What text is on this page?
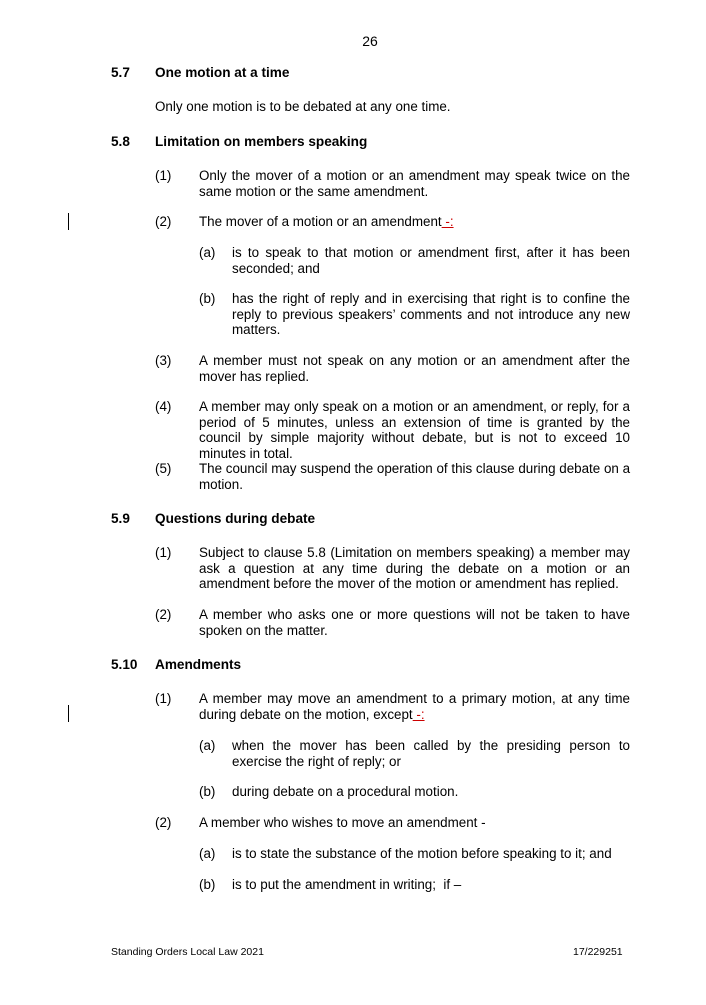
26
5.7 One motion at a time
Only one motion is to be debated at any one time.
5.8 Limitation on members speaking
(1) Only the mover of a motion or an amendment may speak twice on the same motion or the same amendment.
(2) The mover of a motion or an amendment -:
(a) is to speak to that motion or amendment first, after it has been seconded; and
(b) has the right of reply and in exercising that right is to confine the reply to previous speakers’ comments and not introduce any new matters.
(3) A member must not speak on any motion or an amendment after the mover has replied.
(4) A member may only speak on a motion or an amendment, or reply, for a period of 5 minutes, unless an extension of time is granted by the council by simple majority without debate, but is not to exceed 10 minutes in total.
(5) The council may suspend the operation of this clause during debate on a motion.
5.9 Questions during debate
(1) Subject to clause 5.8 (Limitation on members speaking) a member may ask a question at any time during the debate on a motion or an amendment before the mover of the motion or amendment has replied.
(2) A member who asks one or more questions will not be taken to have spoken on the matter.
5.10 Amendments
(1) A member may move an amendment to a primary motion, at any time during debate on the motion, except -:
(a) when the mover has been called by the presiding person to exercise the right of reply; or
(b) during debate on a procedural motion.
(2) A member who wishes to move an amendment -
(a) is to state the substance of the motion before speaking to it; and
(b) is to put the amendment in writing;  if –
Standing Orders Local Law 2021	17/229251
